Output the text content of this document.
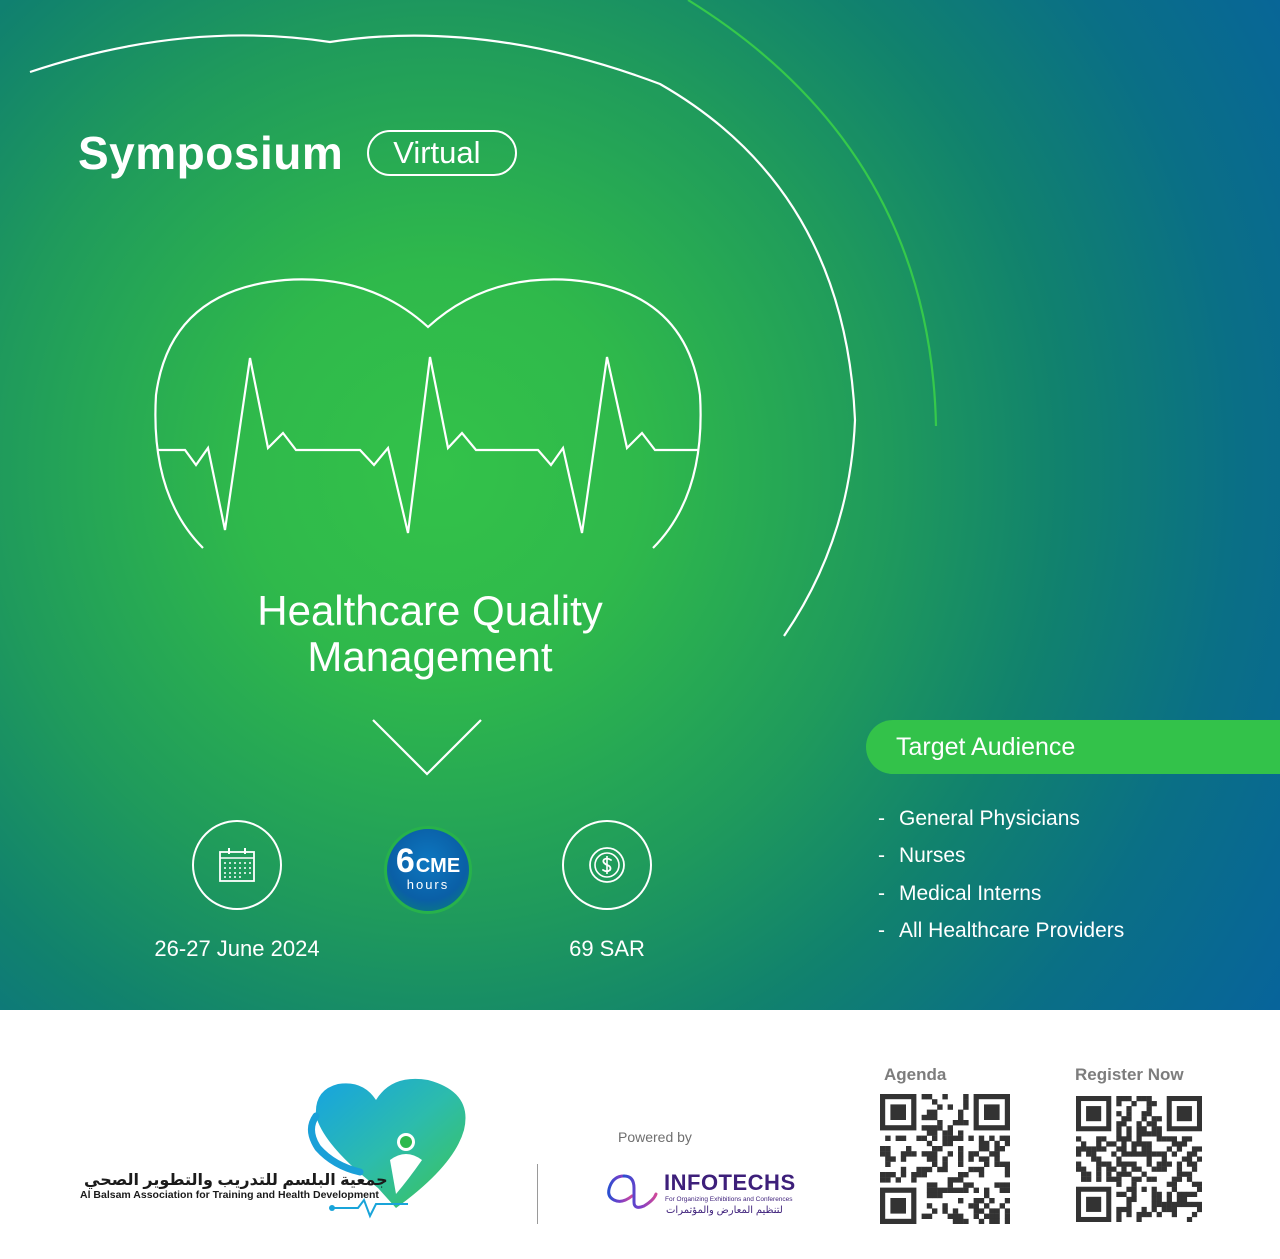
Symposium	Virtual
Healthcare Quality
Management
26-27 June 2024
6 CME
hours
69 SAR
Target Audience
- General Physicians
- Nurses
- Medical Interns
- All Healthcare Providers
جمعية البلسم للتدريب والتطوير الصحي
Al Balsam Association for Training and Health Development
Powered by
INFOTECHS
For Organizing Exhibitions and Conferences
لتنظيم المعارض والمؤتمرات
Agenda	Register Now
